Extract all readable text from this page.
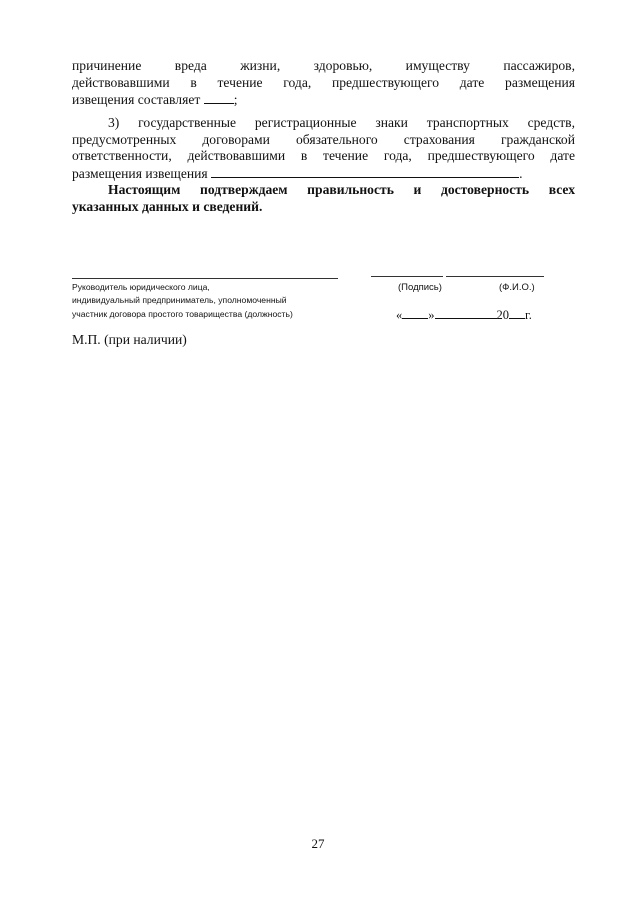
причинение вреда жизни, здоровью, имуществу пассажиров,
действовавшими в течение года, предшествующего дате размещения
извещения составляет ;
3) государственные регистрационные знаки транспортных средств,
предусмотренных договорами обязательного страхования гражданской
ответственности, действовавшими в течение года, предшествующего дате
размещения извещения	.
Настоящим подтверждаем правильность и достоверность всех
указанных данных и сведений.
Руководитель юридического лица,
индивидуальный предприниматель, уполномоченный
участник договора простого товарищества (должность)
(Подпись)	(Ф.И.О.)
« »	20 г.
М.П. (при наличии)
27
